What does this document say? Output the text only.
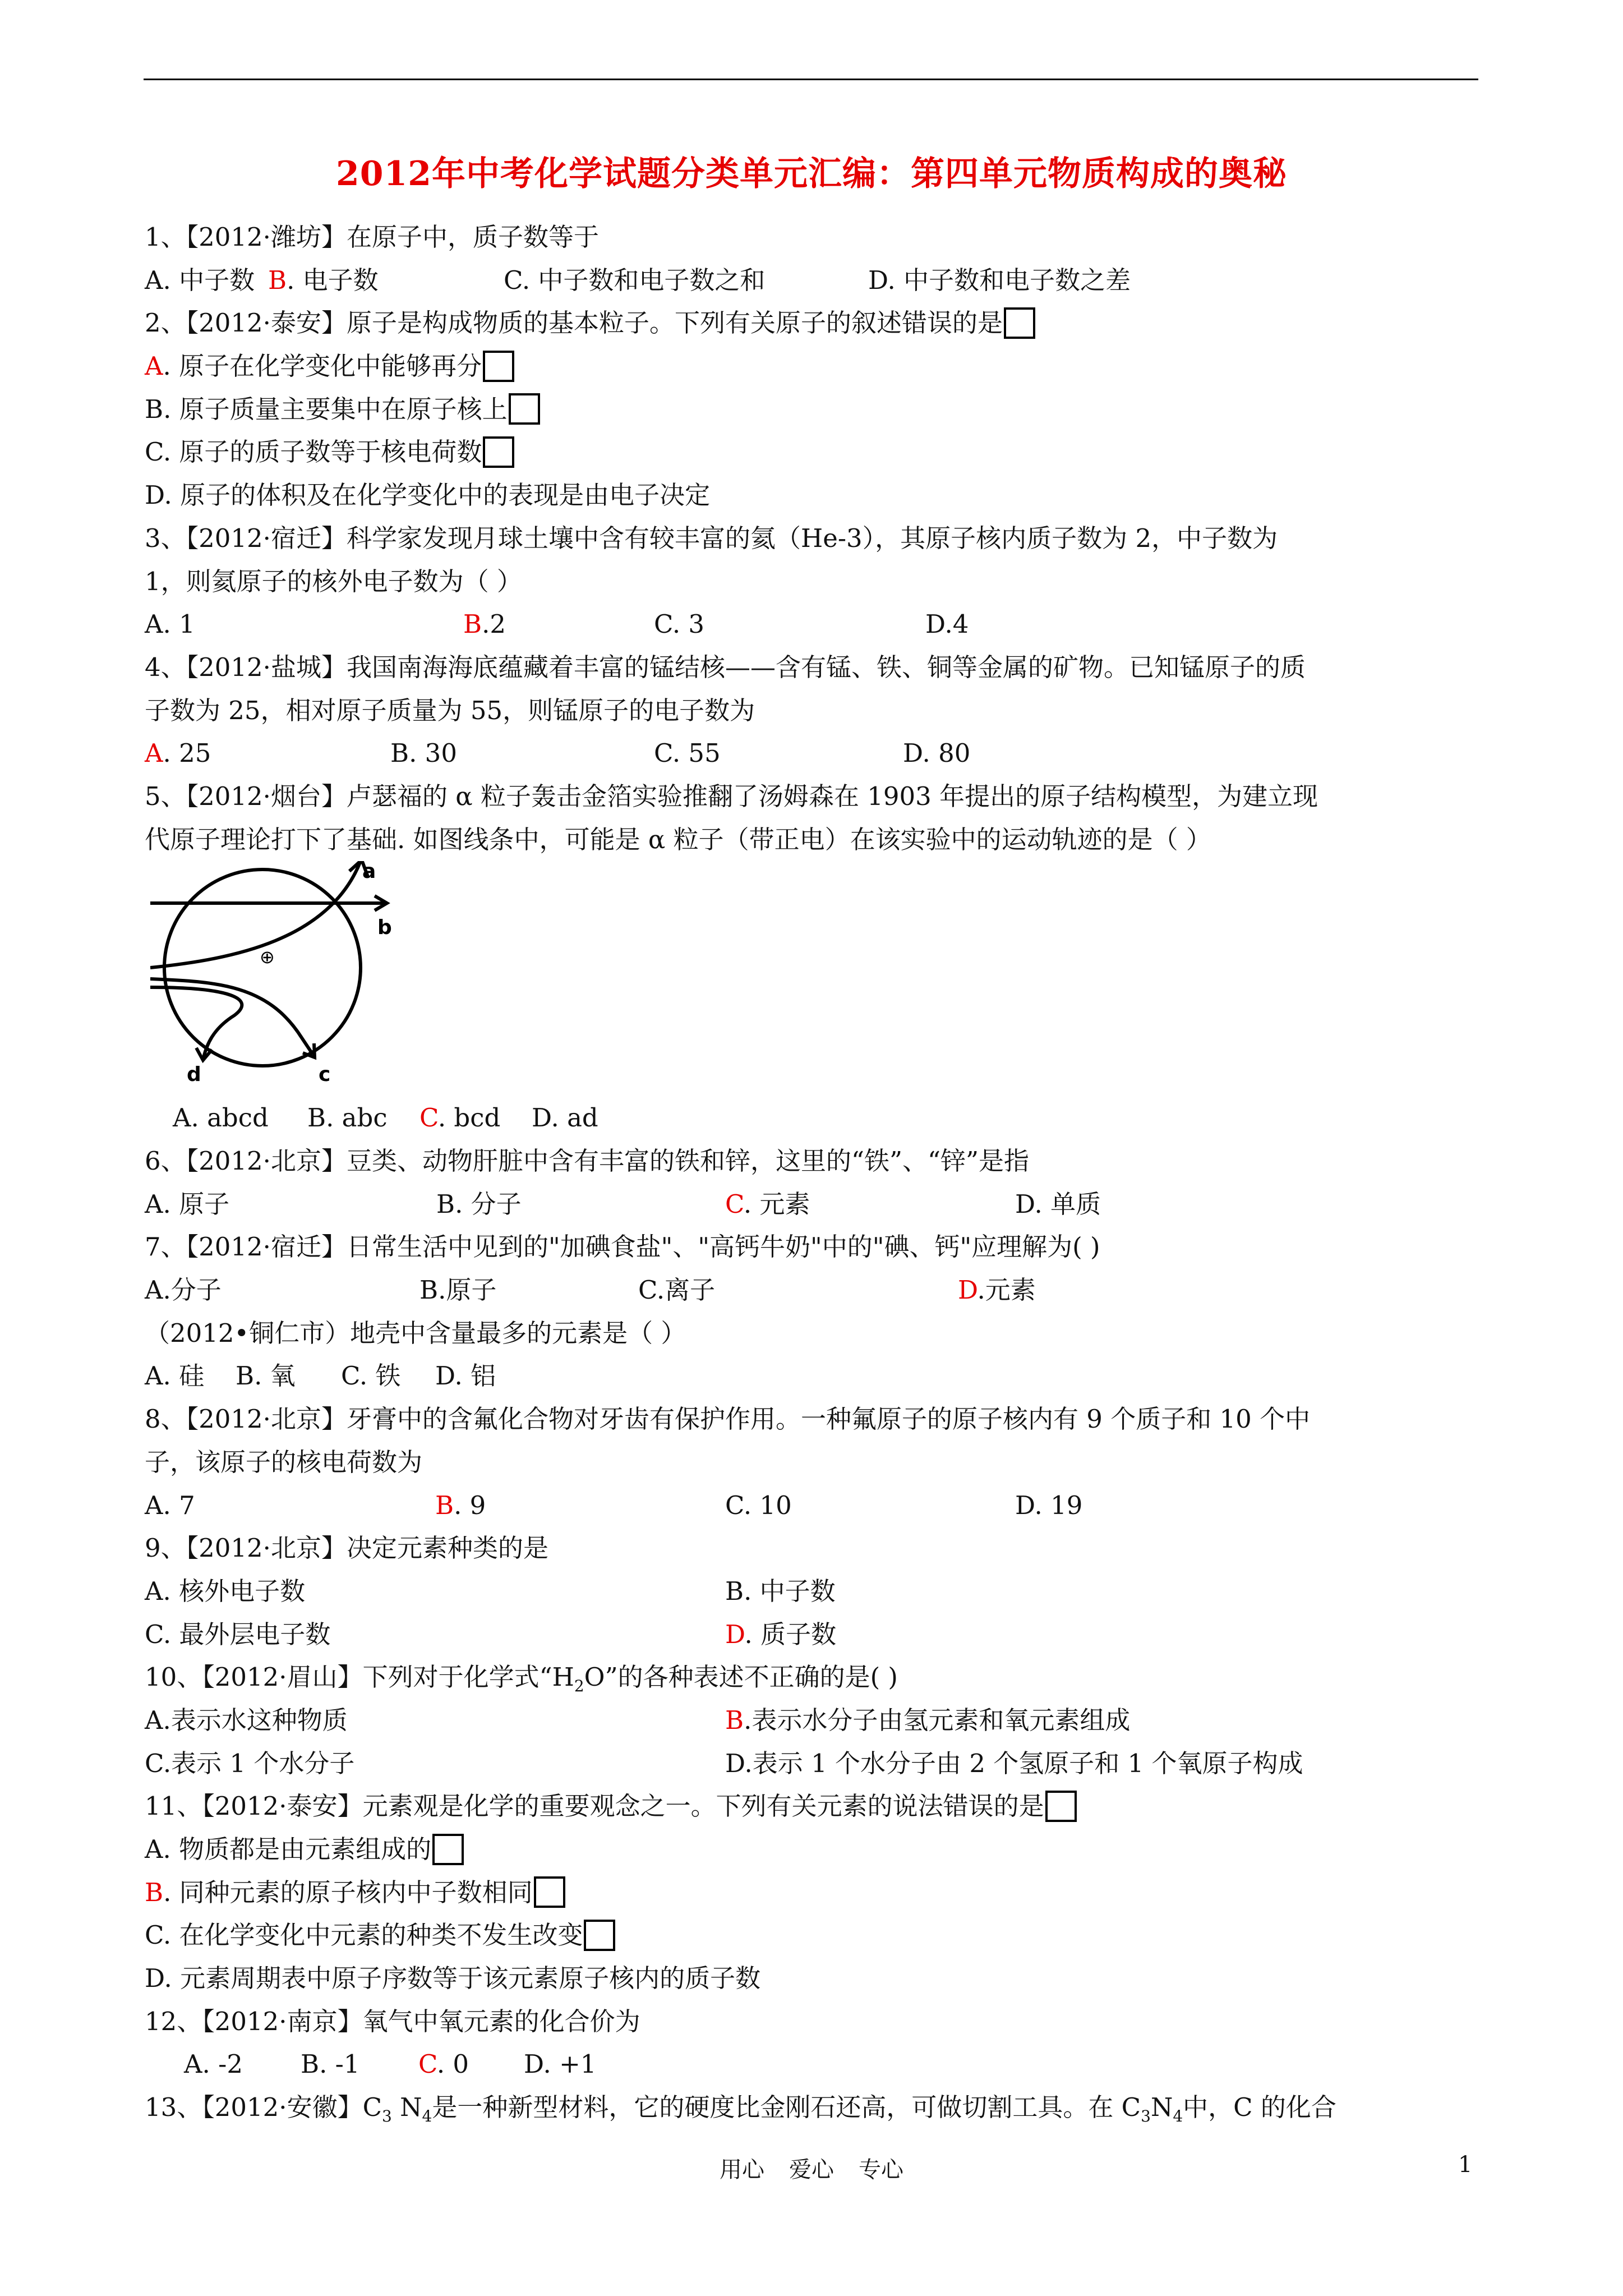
2012年中考化学试题分类单元汇编：第四单元物质构成的奥秘
1、【2012·潍坊】在原子中，质子数等于
A. 中子数 B. 电子数	C. 中子数和电子数之和	D. 中子数和电子数之差
2、【2012·泰安】原子是构成物质的基本粒子。下列有关原子的叙述错误的是
A. 原子在化学变化中能够再分
B. 原子质量主要集中在原子核上
C. 原子的质子数等于核电荷数
D. 原子的体积及在化学变化中的表现是由电子决定
3、【2012·宿迁】科学家发现月球土壤中含有较丰富的氦（He-3），其原子核内质子数为 2，中子数为
1，则氦原子的核外电子数为（ ）
A. 1	B.2	C. 3	D.4
4、【2012·盐城】我国南海海底蕴藏着丰富的锰结核——含有锰、铁、铜等金属的矿物。已知锰原子的质
子数为 25，相对原子质量为 55，则锰原子的电子数为
A. 25	B. 30	C. 55	D. 80
5、【2012·烟台】卢瑟福的 α 粒子轰击金箔实验推翻了汤姆森在 1903 年提出的原子结构模型，为建立现
代原子理论打下了基础. 如图线条中，可能是 α 粒子（带正电）在该实验中的运动轨迹的是（ ）
a
b
c
d
⊕
A. abcd B. abc C. bcd D. ad
6、【2012·北京】豆类、动物肝脏中含有丰富的铁和锌，这里的“铁”、“锌”是指
A. 原子	B. 分子	C. 元素	D. 单质
7、【2012·宿迁】日常生活中见到的"加碘食盐"、"高钙牛奶"中的"碘、钙"应理解为( )
A.分子	B.原子	C.离子	D.元素
（2012•铜仁市）地壳中含量最多的元素是（ ）
A. 硅 B. 氧 C. 铁 D. 铝
8、【2012·北京】牙膏中的含氟化合物对牙齿有保护作用。一种氟原子的原子核内有 9 个质子和 10 个中
子，该原子的核电荷数为
A. 7	B. 9	C. 10	D. 19
9、【2012·北京】决定元素种类的是
A. 核外电子数	B. 中子数
C. 最外层电子数	D. 质子数
10、【2012·眉山】下列对于化学式“$H_2O$”的各种表述不正确的是( )
A.表示水这种物质	B.表示水分子由氢元素和氧元素组成
C.表示 1 个水分子	D.表示 1 个水分子由 2 个氢原子和 1 个氧原子构成
11、【2012·泰安】元素观是化学的重要观念之一。下列有关元素的说法错误的是
A. 物质都是由元素组成的
B. 同种元素的原子核内中子数相同
C. 在化学变化中元素的种类不发生改变
D. 元素周期表中原子序数等于该元素原子核内的质子数
12、【2012·南京】氧气中氧元素的化合价为
A. -2 B. -1 C. 0 D. +1
13、【2012·安徽】$C_3$ $N_4$是一种新型材料，它的硬度比金刚石还高，可做切割工具。在 $C_3N_4$中，C 的化合
用心 爱心 专心	1
